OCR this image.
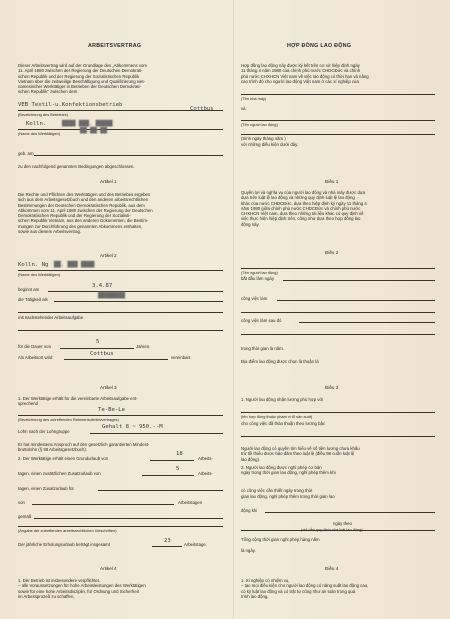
ARBEITSVERTRAG
Dieser Arbeitsvertrag wird auf der Grundlage des „Abkommens vom
11. April 1980 zwischen der Regierung der Deutschen Demokrati-
schen Republik und der Regierung der Sozialistischen Republik
Vietnam über die zeitweilige Beschäftigung und Qualifizierung viet-
namesischer Werktätiger in Betrieben der Deutschen Demokrati-
schen Republik" zwischen dem
VEB Textil-u.Konfektionsbetrieb
Cottbus
(Bezeichnung des Betriebes)
Kolln.	████ ███, █████
(Name des Werktätigen)	██.██.██
geb. am
zu den nachfolgend genannten Bedingungen abgeschlossen.
Artikel 1
Die Rechte und Pflichten des Werktätigen und des Betriebes ergeben
sich aus dem Arbeitsgesetzbuch und den anderen arbeitsrechtlichen
Bestimmungen der Deutschen Demokratischen Republik, aus dem
Abkommen vom 11. April 1980 zwischen der Regierung der Deutschen
Demokratischen Republik und der Regierung der Sozialisti-
schen Republik Vietnam, aus den anderen Dokumenten, die Bestim-
mungen zur Durchführung des genannten Abkommens enthalten,
sowie aus diesem Arbeitsvertrag.
Artikel 2
Kolln. Ng ██, ███ ████
(Name des Werktätigen)
beginnt am
3.4.87
die Tätigkeit als
████████
mit nachstehender Arbeitsaufgabe
für die Dauer von
5
Jahren.
Als Arbeitsort wird
Cottbus
vereinbart.
Artikel 3
1. Der Werktätige erhält für die vereinbarte Arbeitsaufgabe ent-
sprechend
Te-Be-Le
(Bezeichnung des zutreffenden Rahmenkollektivvertrages)
Lohn nach der Lohngruppe
Gehalt 8 ~ 950.--M
Er hat mindestens Anspruch auf den gesetzlich garantierten Mindest-
bruttolohn (§ 98 Arbeitsgesetzbuch).
2. Der Werktätige erhält einen Grundurlaub von
18
Arbeits-
tagen, einen zusätzlichen Zusatzurlaub von
5
Arbeits-
tagen, einen Zusatzurlaub für
von	Arbeitstagen
gemäß
(Angabe der zutreffenden arbeitsrechtlichen Vorschriften)
Der jährliche Erholungsurlaub beträgt insgesamt
23
Arbeitstage.
Artikel 4
1. Der Betrieb ist insbesondere verpflichtet,
– alle Voraussetzungen für hohe Arbeitsleistungen des Werktätigen
sowie für eine hohe Arbeitsdisziplin, für Ordnung und Sicherheit
im Arbeitsprozeß zu schaffen,
HỢP ĐỒNG LAO ĐỘNG
Hợp đồng lao động này được ký kết trên cơ sở hiệp định ngày
11 tháng 4 năm 1980 của chính phủ nước CHDCĐức và chính
phủ nước CHXHCN Việt nam về việc lao động có thời hạn và nâng
cao trình độ cho người lao động Việt nam ở các xí nghiệp của
(Tên nhà máy)
và
(Tên người lao động)
(Sinh ngày tháng năm )
với những điều kiện dưới đây.
Điều 1
Quyền lợi và nghĩa vụ của người lao động và nhà máy được dựa
dựa trên luật lệ lao động và những quy định luật lệ lao động
khác của nước CHDCĐức, dựa theo hiệp định ký ngày 11 tháng 4
năm 1980 giữa chính phủ nước CHDCĐức và chính phủ nước
CHXHCN Việt nam, dựa theo những tài liệu khác có quy định về
việc thực hiện hiệp định trên, cũng như dựa theo hợp đồng lao
động này.
Điều 2
(Tên người lao động)
bắt đầu làm ngày
công việc làm
công việc làm sau đó
trong thời gian là năm.
Địa điểm lao động được chọn là thuận là
Điều 3
1. Người lao động nhận lương phù hợp với
(tên hợp đồng thuộc phạm vi tổ sản xuất)
cho công việc đã thỏa thuận theo lương bậc
Người lao động có quyền tìm hiểu về số tiền lương chưa khấu
trừ tối thiểu được bảo đảm theo luật lệ (điều 98 cuốn luật lệ
lao động).
2. Người lao động được nghỉ phép cơ bản
ngày trong thời gian lao động, nghỉ phép thêm khi
có công việc cần thiết ngày trong thời
gian lao động, nghỉ phép thêm trong thời gian lao
động khi
ngày theo
(chỉ dẫn quy định của luật lao động)
Tổng cộng thời gian nghỉ phép hàng năm
là ngày.
Điều 4
1. Xí nghiệp có nhiệm vụ,
– tạo mọi điều kiện cho người lao động có năng suất lao động cao,
có kỷ luật lao động và có trật tự cũng như an toàn trong quá
trình lao động,
